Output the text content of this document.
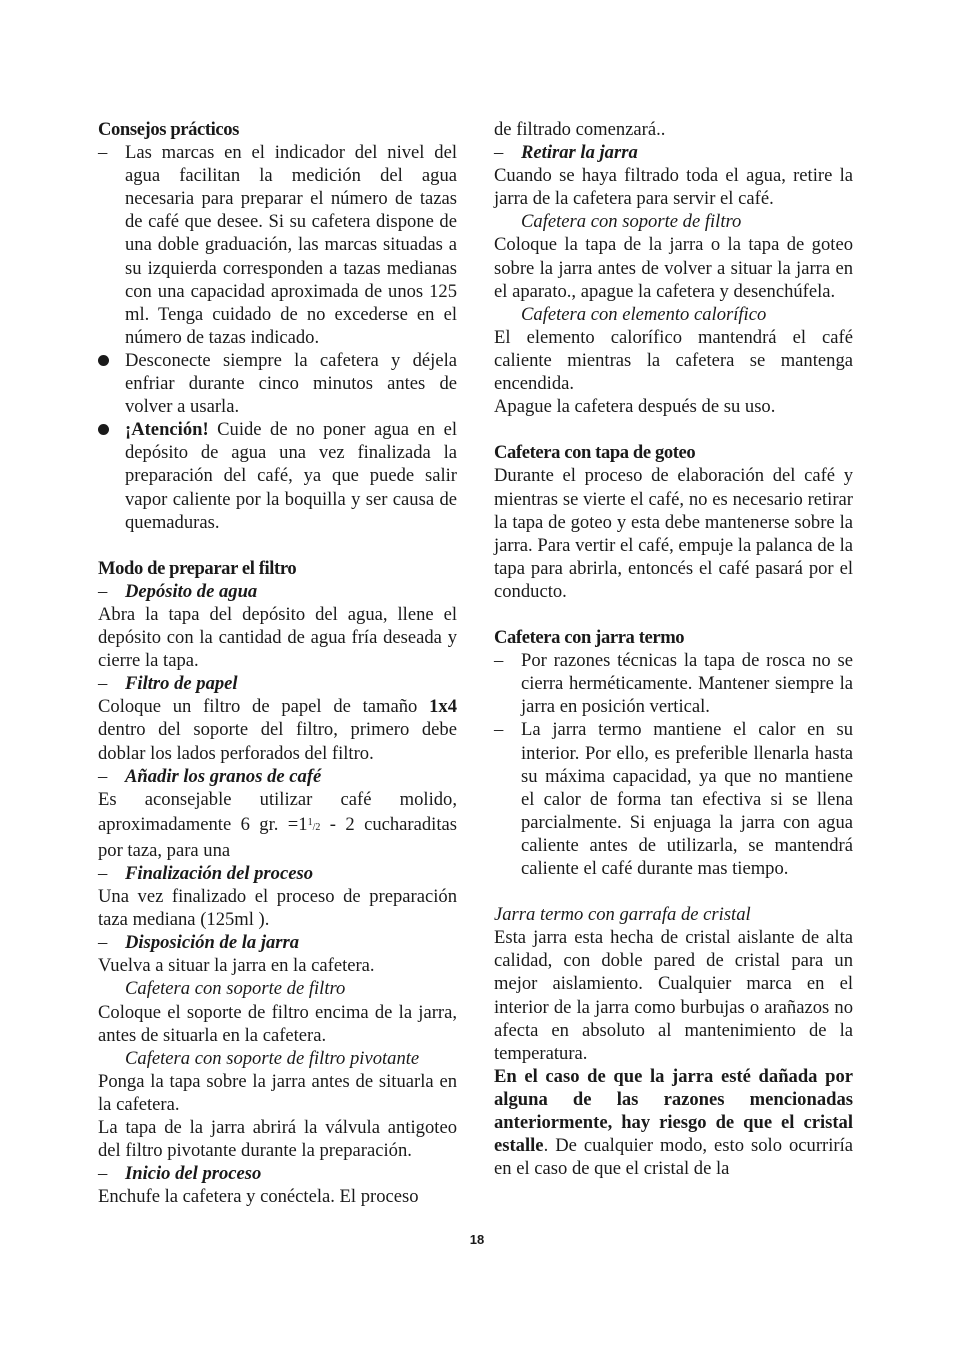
Consejos prácticos

– Las marcas en el indicador del nivel del agua facilitan la medición del agua necesaria para preparar el número de tazas de café que desee. Si su cafetera dispone de una doble graduación, las marcas situadas a su izquierda corresponden a tazas medianas con una capacidad aproximada de unos 125 ml. Tenga cuidado de no excederse en el número de tazas indicado.
Desconecte siempre la cafetera y déjela enfriar durante cinco minutos antes de volver a usarla.
¡Atención! Cuide de no poner agua en el depósito de agua una vez finalizada la preparación del café, ya que puede salir vapor caliente por la boquilla y ser causa de quemaduras.

Modo de preparar el filtro

– Depósito de agua

Abra la tapa del depósito del agua, llene el depósito con la cantidad de agua fría deseada y cierre la tapa.

– Filtro de papel

Coloque un filtro de papel de tamaño 1x4 dentro del soporte del filtro, primero debe doblar los lados perforados del filtro.

– Añadir los granos de café

Es aconsejable utilizar café molido, aproximadamente 6 gr. $=1^1/2 - 2$ cucharaditas por taza, para una

– Finalización del proceso

Una vez finalizado el proceso de preparación taza mediana (125ml ).

– Disposición de la jarra

Vuelva a situar la jarra en la cafetera.

Cafetera con soporte de filtro

Coloque el soporte de filtro encima de la jarra, antes de situarla en la cafetera.

Cafetera con soporte de filtro pivotante

Ponga la tapa sobre la jarra antes de situarla en la cafetera.

La tapa de la jarra abrirá la válvula antigoteo del filtro pivotante durante la preparación.

– Inicio del proceso

Enchufe la cafetera y conéctela. El proceso

de filtrado comenzará..

– Retirar la jarra

Cuando se haya filtrado toda el agua, retire la jarra de la cafetera para servir el café.

Cafetera con soporte de filtro

Coloque la tapa de la jarra o la tapa de goteo sobre la jarra antes de volver a situar la jarra en el aparato., apague la cafetera y desenchúfela.

Cafetera con elemento calorífico

El elemento calorífico mantendrá el café caliente mientras la cafetera se mantenga encendida.

Apague la cafetera después de su uso.

Cafetera con tapa de goteo

Durante el proceso de elaboración del café y mientras se vierte el café, no es necesario retirar la tapa de goteo y esta debe mantenerse sobre la jarra. Para vertir el café, empuje la palanca de la tapa para abrirla, entoncés el café pasará por el conducto.

Cafetera con jarra termo

– Por razones técnicas la tapa de rosca no se cierra herméticamente. Mantener siempre la jarra en posición vertical.
– La jarra termo mantiene el calor en su interior. Por ello, es preferible llenarla hasta su máxima capacidad, ya que no mantiene el calor de forma tan efectiva si se llena parcialmente. Si enjuaga la jarra con agua caliente antes de utilizarla, se mantendrá caliente el café durante mas tiempo.

Jarra termo con garrafa de cristal

Esta jarra esta hecha de cristal aislante de alta calidad, con doble pared de cristal para un mejor aislamiento. Cualquier marca en el interior de la jarra como burbujas o arañazos no afecta en absoluto al mantenimiento de la temperatura.

En el caso de que la jarra esté dañada por alguna de las razones mencionadas anteriormente, hay riesgo de que el cristal estalle. De cualquier modo, esto solo ocurriría en el caso de que el cristal de la

18
